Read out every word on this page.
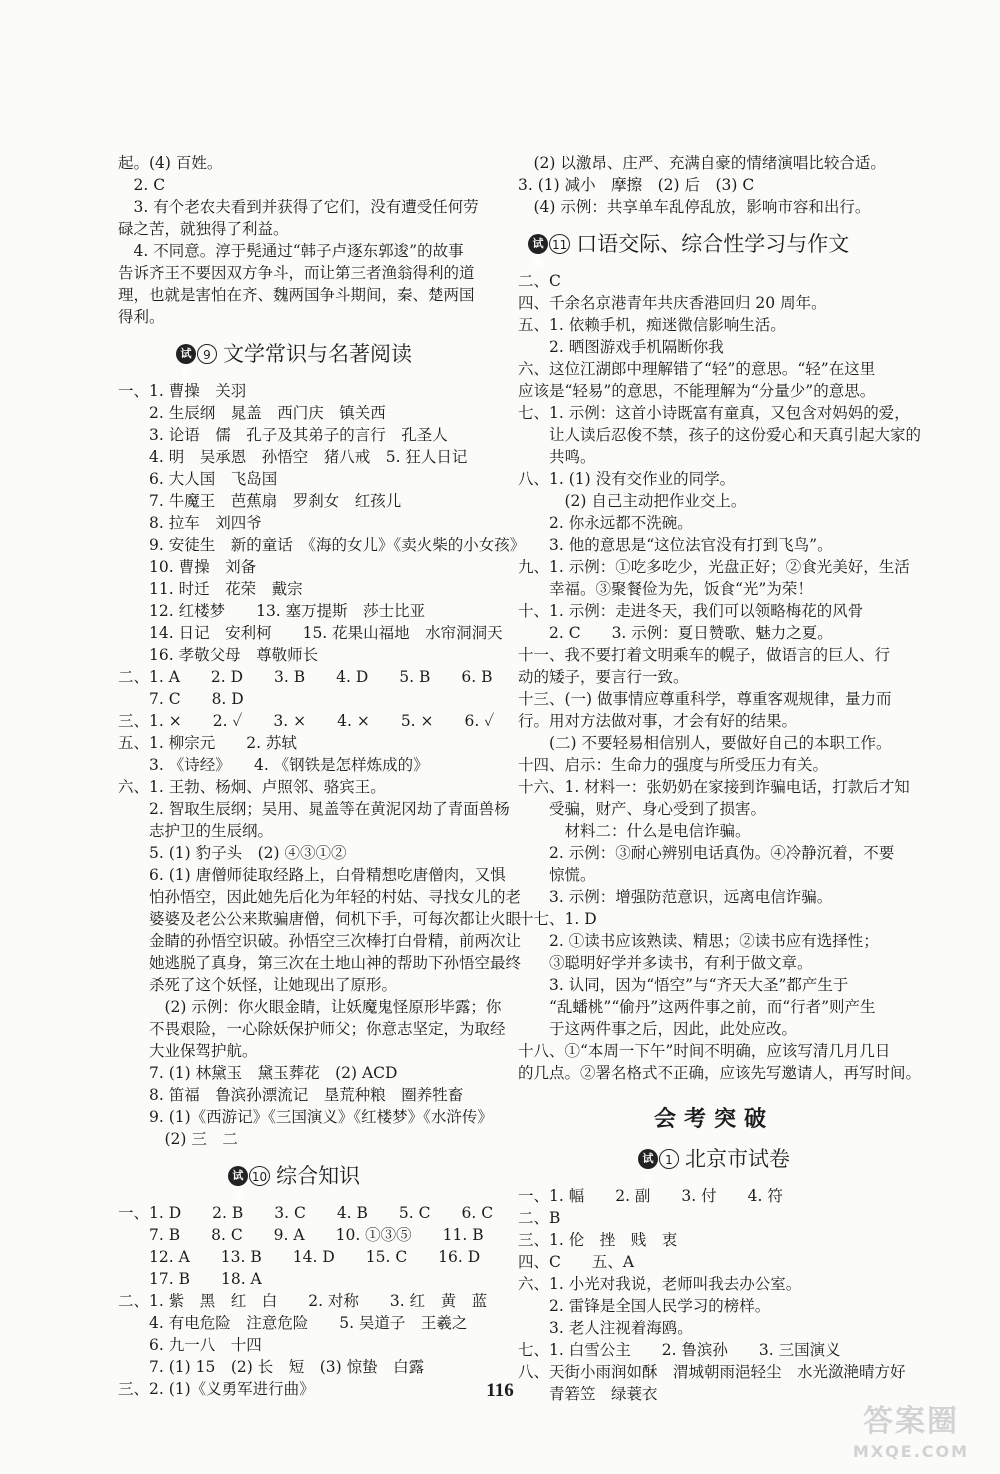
起。(4) 百姓。
　2. C
　3. 有个老农夫看到并获得了它们，没有遭受任何劳
碌之苦，就独得了利益。
　4. 不同意。淳于髡通过“韩子卢逐东郭逡”的故事
告诉齐王不要因双方争斗，而让第三者渔翁得利的道
理，也就是害怕在齐、魏两国争斗期间，秦、楚两国
得利。
试卷
9 文学常识与名著阅读
一、1. 曹操　关羽
　　2. 生辰纲　晁盖　西门庆　镇关西
　　3. 论语　儒　孔子及其弟子的言行　孔圣人
　　4. 明　吴承恩　孙悟空　猪八戒　5. 狂人日记
　　6. 大人国　飞岛国
　　7. 牛魔王　芭蕉扇　罗刹女　红孩儿
　　8. 拉车　刘四爷
　　9. 安徒生　新的童话　《海的女儿》《卖火柴的小女孩》
　　10. 曹操　刘备
　　11. 时迁　花荣　戴宗
　　12. 红楼梦　　13. 塞万提斯　莎士比亚
　　14. 日记　安利柯　　15. 花果山福地　水帘洞洞天
　　16. 孝敬父母　尊敬师长
二、1. A　　2. D　　3. B　　4. D　　5. B　　6. B
　　7. C　　8. D
三、1. ×　　2. ✓　　3. ×　　4. ×　　5. ×　　6. ✓
五、1. 柳宗元　　2. 苏轼
　　3. 《诗经》　　4. 《钢铁是怎样炼成的》
六、1. 王勃、杨炯、卢照邻、骆宾王。
　　2. 智取生辰纲；吴用、晁盖等在黄泥冈劫了青面兽杨
　　志护卫的生辰纲。
　　5. (1) 豹子头　(2) ④③①②
　　6. (1) 唐僧师徒取经路上，白骨精想吃唐僧肉，又惧
　　怕孙悟空，因此她先后化为年轻的村姑、寻找女儿的老
　　婆婆及老公公来欺骗唐僧，伺机下手，可每次都让火眼
　　金睛的孙悟空识破。孙悟空三次棒打白骨精，前两次让
　　她逃脱了真身，第三次在土地山神的帮助下孙悟空最终
　　杀死了这个妖怪，让她现出了原形。
　　　(2) 示例：你火眼金睛，让妖魔鬼怪原形毕露；你
　　不畏艰险，一心除妖保护师父；你意志坚定，为取经
　　大业保驾护航。
　　7. (1) 林黛玉　黛玉葬花　(2) ACD
　　8. 笛福　鲁滨孙漂流记　垦荒种粮　圈养牲畜
　　9. (1)《西游记》《三国演义》《红楼梦》《水浒传》
　　　(2) 三　二
试卷
10 综合知识
一、1. D　　2. B　　3. C　　4. B　　5. C　　6. C
　　7. B　　8. C　　9. A　　10. ①③⑤　　11. B
　　12. A　　13. B　　14. D　　15. C　　16. D
　　17. B　　18. A
二、1. 紫　黑　红　白　　2. 对称　　3. 红　黄　蓝
　　4. 有电危险　注意危险　　5. 吴道子　王羲之
　　6. 九一八　十四
　　7. (1) 15　(2) 长　短　(3) 惊蛰　白露
三、2. (1)《义勇军进行曲》
　(2) 以激昂、庄严、充满自豪的情绪演唱比较合适。
3. (1) 减小　摩擦　(2) 后　(3) C
　(4) 示例：共享单车乱停乱放，影响市容和出行。
试卷
11 口语交际、综合性学习与作文
二、C
四、千余名京港青年共庆香港回归 20 周年。
五、1. 依赖手机，痴迷微信影响生活。
　　2. 晒图游戏手机隔断你我
六、这位江湖郎中理解错了“轻”的意思。“轻”在这里
应该是“轻易”的意思，不能理解为“分量少”的意思。
七、1. 示例：这首小诗既富有童真，又包含对妈妈的爱，
　　让人读后忍俊不禁，孩子的这份爱心和天真引起大家的
　　共鸣。
八、1. (1) 没有交作业的同学。
　　　(2) 自己主动把作业交上。
　　2. 你永远都不洗碗。
　　3. 他的意思是“这位法官没有打到飞鸟”。
九、1. 示例：①吃多吃少，光盘正好；②食光美好，生活
　　幸福。③聚餐俭为先，饭食“光”为荣！
十、1. 示例：走进冬天，我们可以领略梅花的风骨
　　2. C　　3. 示例：夏日赞歌、魅力之夏。
十一、我不要打着文明乘车的幌子，做语言的巨人、行
动的矮子，要言行一致。
十三、(一) 做事情应尊重科学，尊重客观规律，量力而
行。用对方法做对事，才会有好的结果。
　　(二) 不要轻易相信别人，要做好自己的本职工作。
十四、启示：生命力的强度与所受压力有关。
十六、1. 材料一：张奶奶在家接到诈骗电话，打款后才知
　　受骗，财产、身心受到了损害。
　　　材料二：什么是电信诈骗。
　　2. 示例：③耐心辨别电话真伪。④冷静沉着，不要
　　惊慌。
　　3. 示例：增强防范意识，远离电信诈骗。
十七、1. D
　　2. ①读书应该熟读、精思；②读书应有选择性；
　　③聪明好学并多读书，有利于做文章。
　　3. 认同，因为“悟空”与“齐天大圣”都产生于
　　“乱蟠桃”“偷丹”这两件事之前，而“行者”则产生
　　于这两件事之后，因此，此处应改。
十八、①“本周一下午”时间不明确，应该写清几月几日
的几点。②署名格式不正确，应该先写邀请人，再写时间。
会考突破
试卷
1 北京市试卷
一、1. 幅　　2. 副　　3. 付　　4. 符
二、B
三、1. 伦　挫　贱　衷
四、C　　五、A
六、1. 小光对我说，老师叫我去办公室。
　　2. 雷锋是全国人民学习的榜样。
　　3. 老人注视着海鸥。
七、1. 白雪公主　　2. 鲁滨孙　　3. 三国演义
八、天街小雨润如酥　渭城朝雨浥轻尘　水光潋滟晴方好
　　青箬笠　绿蓑衣
116
答案圈
MXQE.COM
